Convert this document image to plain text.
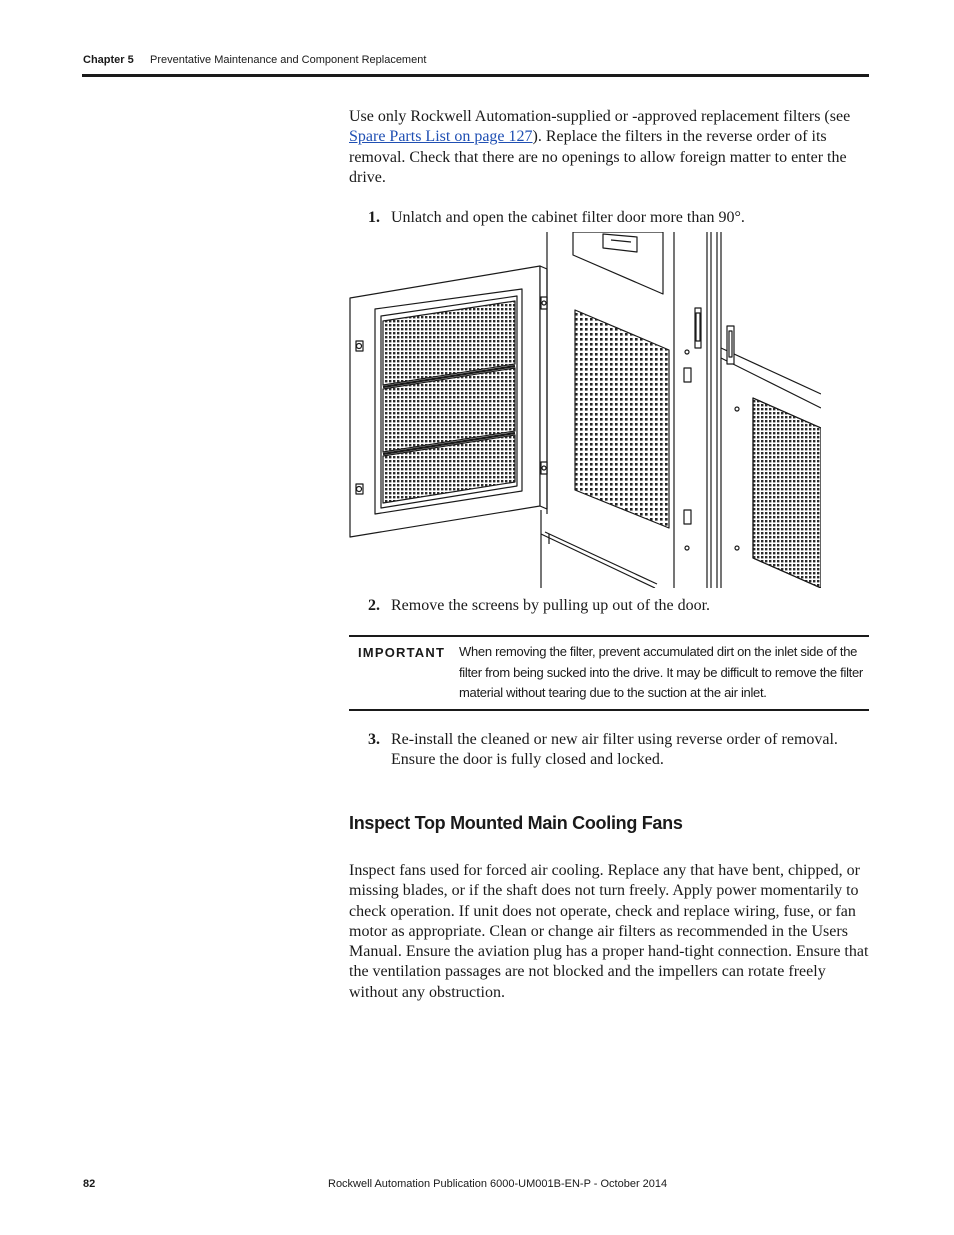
Chapter 5 Preventative Maintenance and Component Replacement
Use only Rockwell Automation-supplied or -approved replacement filters (see Spare Parts List on page 127). Replace the filters in the reverse order of its removal. Check that there are no openings to allow foreign matter to enter the drive.
1. Unlatch and open the cabinet filter door more than 90°.
2. Remove the screens by pulling up out of the door.
IMPORTANT When removing the filter, prevent accumulated dirt on the inlet side of the filter from being sucked into the drive. It may be difficult to remove the filter material without tearing due to the suction at the air inlet.
3. Re-install the cleaned or new air filter using reverse order of removal. Ensure the door is fully closed and locked.
Inspect Top Mounted Main Cooling Fans
Inspect fans used for forced air cooling. Replace any that have bent, chipped, or missing blades, or if the shaft does not turn freely. Apply power momentarily to check operation. If unit does not operate, check and replace wiring, fuse, or fan motor as appropriate. Clean or change air filters as recommended in the Users Manual. Ensure the aviation plug has a proper hand-tight connection. Ensure that the ventilation passages are not blocked and the impellers can rotate freely without any obstruction.
82	Rockwell Automation Publication 6000-UM001B-EN-P - October 2014
